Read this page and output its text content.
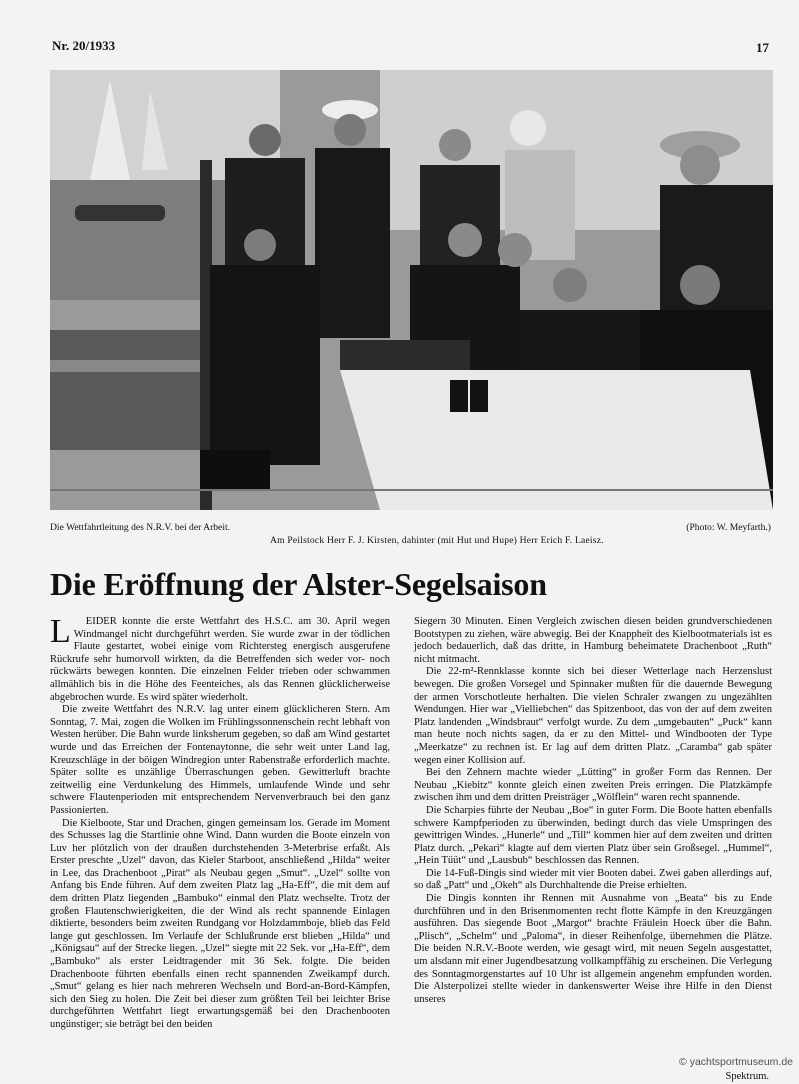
Nr. 20/1933	17
Die Wettfahrtleitung des N.R.V. bei der Arbeit.	(Photo: W. Meyfarth.)
Am Peilstock Herr F. J. Kirsten, dahinter (mit Hut und Hupe) Herr Erich F. Laeisz.
Die Eröffnung der Alster-Segelsaison

L EIDER konnte die erste Wettfahrt des H.S.C. am 30. April wegen Windmangel nicht durchgeführt werden. Sie wurde zwar in der tödlichen Flaute gestartet, wobei einige vom Richtersteg energisch ausgerufene Rückrufe sehr humorvoll wirkten, da die Betreffenden sich weder vor- noch rückwärts bewegen konnten. Die einzelnen Felder trieben oder schwammen allmählich bis in die Höhe des Feenteiches, als das Rennen glücklicherweise abgebrochen wurde. Es wird später wiederholt.

Die zweite Wettfahrt des N.R.V. lag unter einem glücklicheren Stern. Am Sonntag, 7. Mai, zogen die Wolken im Frühlingssonnenschein recht lebhaft von Westen herüber. Die Bahn wurde linksherum gegeben, so daß am Wind gestartet wurde und das Erreichen der Fontenaytonne, die sehr weit unter Land lag, Kreuzschläge in der böigen Windregion unter Rabenstraße erforderlich machte. Später sollte es unzählige Überraschungen geben. Gewitterluft brachte zeitweilig eine Verdunkelung des Himmels, umlaufende Winde und sehr schwere Flautenperioden mit entsprechendem Nervenverbrauch bei den ganz Passionierten.

Die Kielboote, Star und Drachen, gingen gemeinsam los. Gerade im Moment des Schusses lag die Startlinie ohne Wind. Dann wurden die Boote einzeln von Luv her plötzlich von der draußen durchstehenden 3-Meterbrise erfaßt. Als Erster preschte „Uzel“ davon, das Kieler Starboot, anschließend „Hilda“ weiter in Lee, das Drachenboot „Pirat“ als Neubau gegen „Smut“. „Uzel“ sollte von Anfang bis Ende führen. Auf dem zweiten Platz lag „Ha-Eff“, die mit dem auf dem dritten Platz liegenden „Bambuko“ einmal den Platz wechselte. Trotz der großen Flautenschwierigkeiten, die der Wind als recht spannende Einlagen diktierte, besonders beim zweiten Rundgang vor Holzdammboje, blieb das Feld lange gut geschlossen. Im Verlaufe der Schlußrunde erst blieben „Hilda“ und „Königsau“ auf der Strecke liegen. „Uzel“ siegte mit 22 Sek. vor „Ha-Eff“, dem „Bambuko“ als erster Leidtragender mit 36 Sek. folgte. Die beiden Drachenboote führten ebenfalls einen recht spannenden Zweikampf durch. „Smut“ gelang es hier nach mehreren Wechseln und Bord-an-Bord-Kämpfen, sich den Sieg zu holen. Die Zeit bei dieser zum größten Teil bei leichter Brise durchgeführten Wettfahrt liegt erwartungsgemäß bei den Drachenbooten ungünstiger; sie beträgt bei den beiden

Siegern 30 Minuten. Einen Vergleich zwischen diesen beiden grundverschiedenen Bootstypen zu ziehen, wäre abwegig. Bei der Knappheit des Kielbootmaterials ist es jedoch bedauerlich, daß das dritte, in Hamburg beheimatete Drachenboot „Ruth“ nicht mitmacht.

Die 22-m²-Rennklasse konnte sich bei dieser Wetterlage nach Herzenslust bewegen. Die großen Vorsegel und Spinnaker mußten für die dauernde Bewegung der armen Vorschotleute herhalten. Die vielen Schraler zwangen zu ungezählten Wendungen. Hier war „Vielliebchen“ das Spitzenboot, das von der auf dem zweiten Platz landenden „Windsbraut“ verfolgt wurde. Zu dem „umgebauten“ „Puck“ kann man heute noch nichts sagen, da er zu den Mittel- und Windbooten der Type „Meerkatze“ zu rechnen ist. Er lag auf dem dritten Platz. „Caramba“ gab später wegen einer Kollision auf.

Bei den Zehnern machte wieder „Lütting“ in großer Form das Rennen. Der Neubau „Kiebitz“ konnte gleich einen zweiten Preis erringen. Die Platzkämpfe zwischen ihm und dem dritten Preisträger „Wölflein“ waren recht spannende.

Die Scharpies führte der Neubau „Boe“ in guter Form. Die Boote hatten ebenfalls schwere Kampfperioden zu überwinden, bedingt durch das viele Umspringen des gewittrigen Windes. „Hunerle“ und „Till“ kommen hier auf dem zweiten und dritten Platz durch. „Pekari“ klagte auf dem vierten Platz über sein Großsegel. „Hummel“, „Hein Tüüt“ und „Lausbub“ beschlossen das Rennen.

Die 14-Fuß-Dingis sind wieder mit vier Booten dabei. Zwei gaben allerdings auf, so daß „Patt“ und „Okeh“ als Durchhaltende die Preise erhielten.

Die Dingis konnten ihr Rennen mit Ausnahme von „Beata“ bis zu Ende durchführen und in den Brisenmomenten recht flotte Kämpfe in den Kreuzgängen ausführen. Das siegende Boot „Margot“ brachte Fräulein Hoeck über die Bahn. „Plisch“, „Schelm“ und „Paloma“, in dieser Reihenfolge, übernehmen die Plätze. Die beiden N.R.V.-Boote werden, wie gesagt wird, mit neuen Segeln ausgestattet, um alsdann mit einer Jugendbesatzung vollkampffähig zu erscheinen. Die Verlegung des Sonntagmorgenstartes auf 10 Uhr ist allgemein angenehm empfunden worden. Die Alsterpolizei stellte wieder in dankenswerter Weise ihre Hilfe in den Dienst unseres

Spektrum.
© yachtsportmuseum.de
